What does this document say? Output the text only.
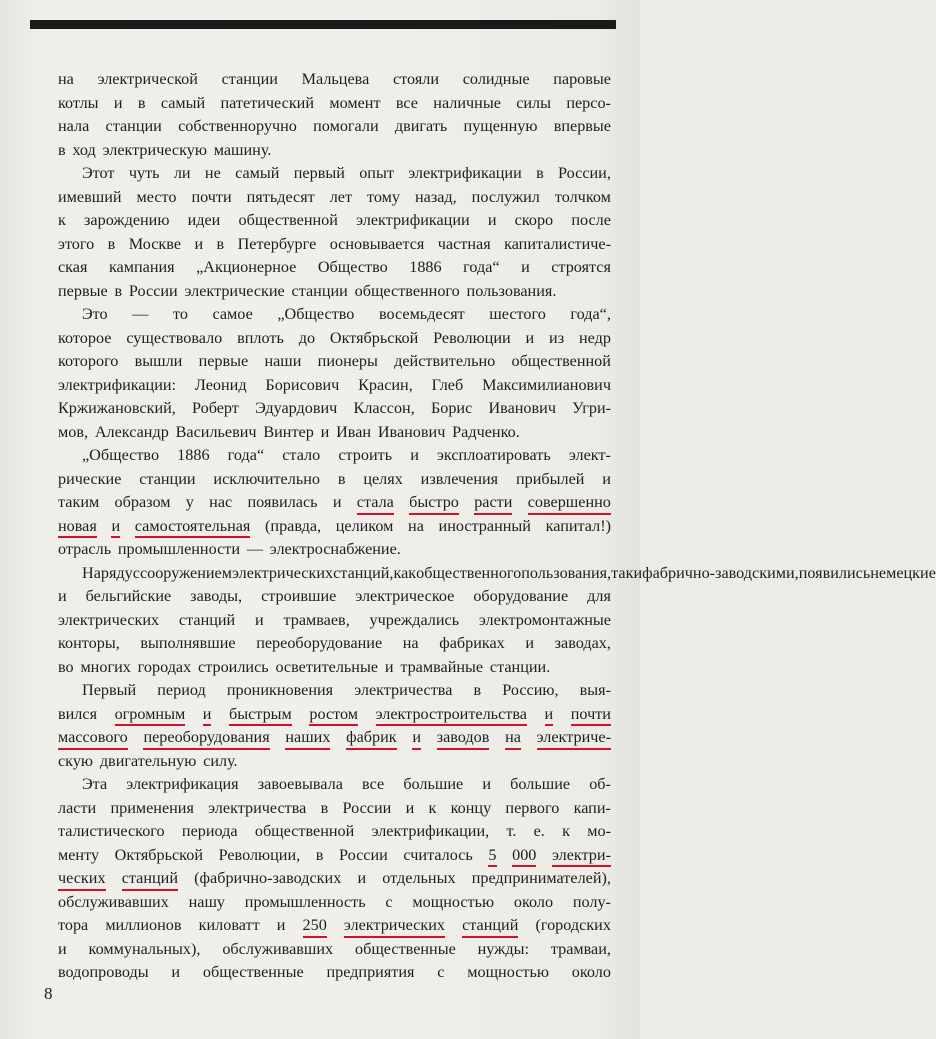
на электрической станции Мальцева стояли солидные паровые
котлы и в самый патетический момент все наличные силы персо-
нала станции собственноручно помогали двигать пущенную впервые
в ход электрическую машину.
Этот чуть ли не самый первый опыт электрификации в России,
имевший место почти пятьдесят лет тому назад, послужил толчком
к зарождению идеи общественной электрификации и скоро после
этого в Москве и в Петербурге основывается частная капиталистиче-
ская кампания „Акционерное Общество 1886 года“ и строятся
первые в России электрические станции общественного пользования.
Это — то самое „Общество восемьдесят шестого года“,
которое существовало вплоть до Октябрьской Революции и из недр
которого вышли первые наши пионеры действительно общественной
электрификации: Леонид Борисович Красин, Глеб Максимилианович
Кржижановский, Роберт Эдуардович Классон, Борис Иванович Угри-
мов, Александр Васильевич Винтер и Иван Иванович Радченко.
„Общество 1886 года“ стало строить и эксплоатировать элект-
рические станции исключительно в целях извлечения прибылей и
таким образом у нас появилась и стала быстро расти совершенно
новая и самостоятельная (правда, целиком на иностранный капитал!)
отрасль промышленности — электроснабжение.
На ряду с сооружением электрических станций, как общественного пользования, так и фабрично-заводскими, появились немецкие
и бельгийские заводы, строившие электрическое оборудование для
электрических станций и трамваев, учреждались электромонтажные
конторы, выполнявшие переоборудование на фабриках и заводах,
во многих городах строились осветительные и трамвайные станции.
Первый период проникновения электричества в Россию, выя-
вился огромным и быстрым ростом электростроительства и почти
массового переоборудования наших фабрик и заводов на электриче-
скую двигательную силу.
Эта электрификация завоевывала все большие и большие об-
ласти применения электричества в России и к концу первого капи-
талистического периода общественной электрификации, т. е. к мо-
менту Октябрьской Революции, в России считалось 5 000 электри-
ческих станций (фабрично-заводских и отдельных предпринимателей),
обслуживавших нашу промышленность с мощностью около полу-
тора миллионов киловатт и 250 электрических станций (городских
и коммунальных), обслуживавших общественные нужды: трамваи,
водопроводы и общественные предприятия с мощностью около
8
